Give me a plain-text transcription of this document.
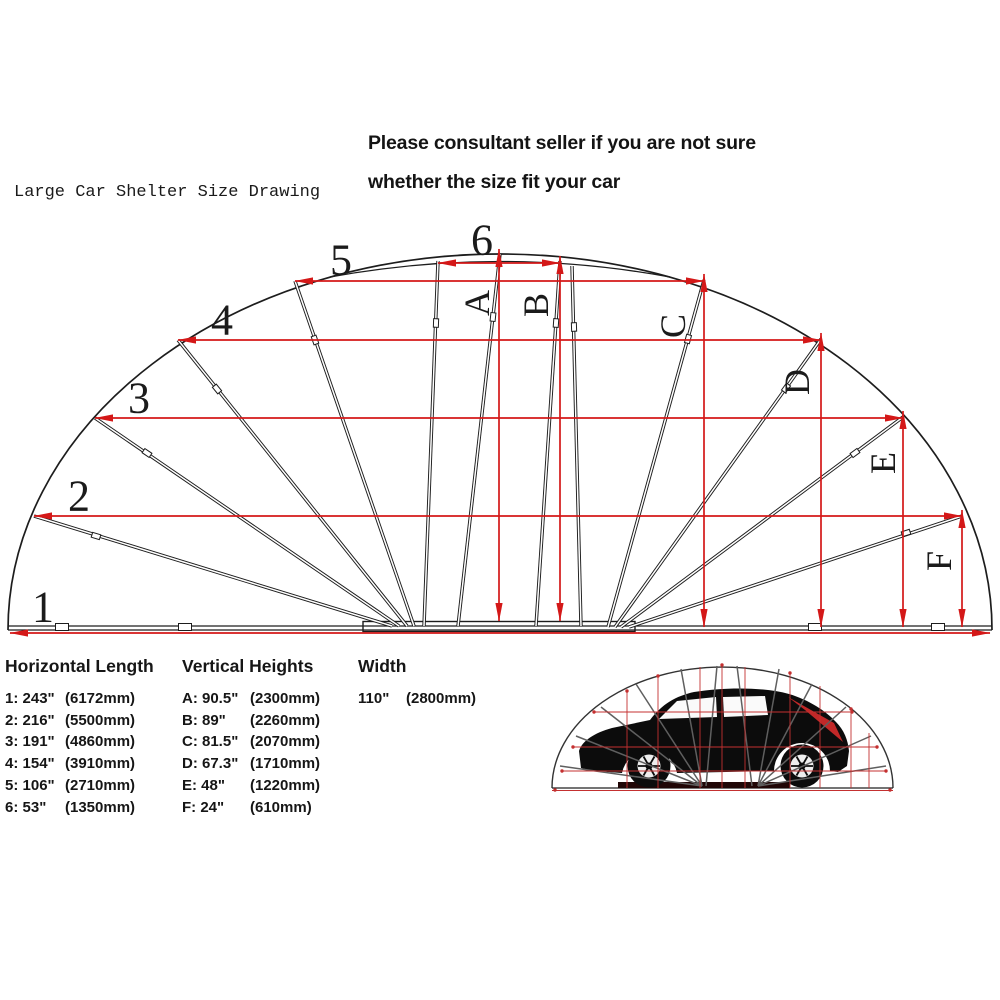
Please consultant seller if you are not sure
whether the size fit your car
Large Car Shelter Size Drawing
1
2
3
4
5	6
A B
C
D
E
F
Horizontal Length
1: 243" (6172mm)
2: 216" (5500mm)
3: 191" (4860mm)
4: 154" (3910mm)
5: 106" (2710mm)
6: 53" (1350mm)
Vertical Heights
A: 90.5" (2300mm)
B: 89" (2260mm)
C: 81.5" (2070mm)
D: 67.3" (1710mm)
E: 48" (1220mm)
F: 24" (610mm)
Width
110" (2800mm)
